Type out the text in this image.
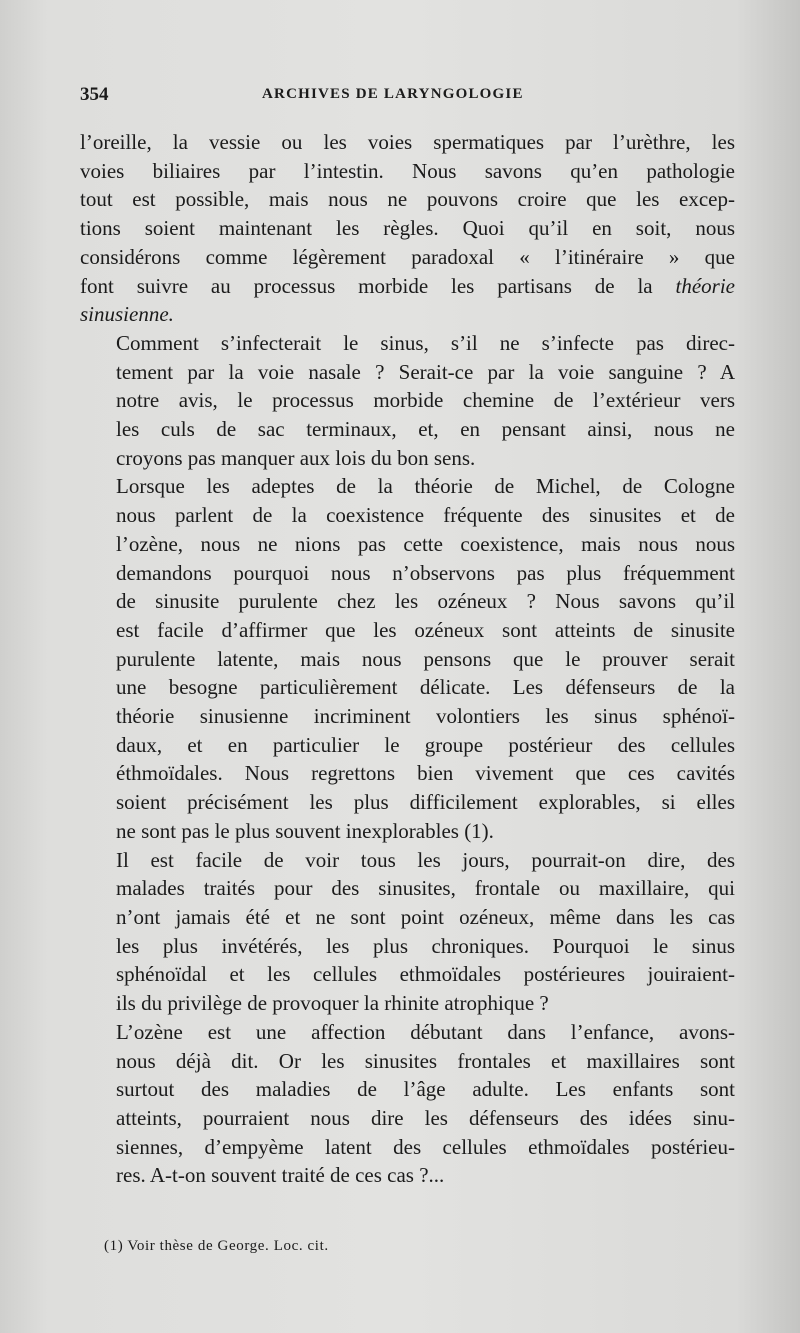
354	ARCHIVES DE LARYNGOLOGIE

l’oreille, la vessie ou les voies spermatiques par l’urèthre, les
voies biliaires par l’intestin. Nous savons qu’en pathologie
tout est possible, mais nous ne pouvons croire que les excep-
tions soient maintenant les règles. Quoi qu’il en soit, nous
considérons comme légèrement paradoxal « l’itinéraire » que
font suivre au processus morbide les partisans de la théorie
sinusienne.

Comment s’infecterait le sinus, s’il ne s’infecte pas direc-
tement par la voie nasale ? Serait-ce par la voie sanguine ? A
notre avis, le processus morbide chemine de l’extérieur vers
les culs de sac terminaux, et, en pensant ainsi, nous ne
croyons pas manquer aux lois du bon sens.

Lorsque les adeptes de la théorie de Michel, de Cologne
nous parlent de la coexistence fréquente des sinusites et de
l’ozène, nous ne nions pas cette coexistence, mais nous nous
demandons pourquoi nous n’observons pas plus fréquemment
de sinusite purulente chez les ozéneux ? Nous savons qu’il
est facile d’affirmer que les ozéneux sont atteints de sinusite
purulente latente, mais nous pensons que le prouver serait
une besogne particulièrement délicate. Les défenseurs de la
théorie sinusienne incriminent volontiers les sinus sphénoï-
daux, et en particulier le groupe postérieur des cellules
éthmoïdales. Nous regrettons bien vivement que ces cavités
soient précisément les plus difficilement explorables, si elles
ne sont pas le plus souvent inexplorables (1).

Il est facile de voir tous les jours, pourrait-on dire, des
malades traités pour des sinusites, frontale ou maxillaire, qui
n’ont jamais été et ne sont point ozéneux, même dans les cas
les plus invétérés, les plus chroniques. Pourquoi le sinus
sphénoïdal et les cellules ethmoïdales postérieures jouiraient-
ils du privilège de provoquer la rhinite atrophique ?

L’ozène est une affection débutant dans l’enfance, avons-
nous déjà dit. Or les sinusites frontales et maxillaires sont
surtout des maladies de l’âge adulte. Les enfants sont
atteints, pourraient nous dire les défenseurs des idées sinu-
siennes, d’empyème latent des cellules ethmoïdales postérieu-
res. A-t-on souvent traité de ces cas ?...

(1) Voir thèse de George. Loc. cit.
